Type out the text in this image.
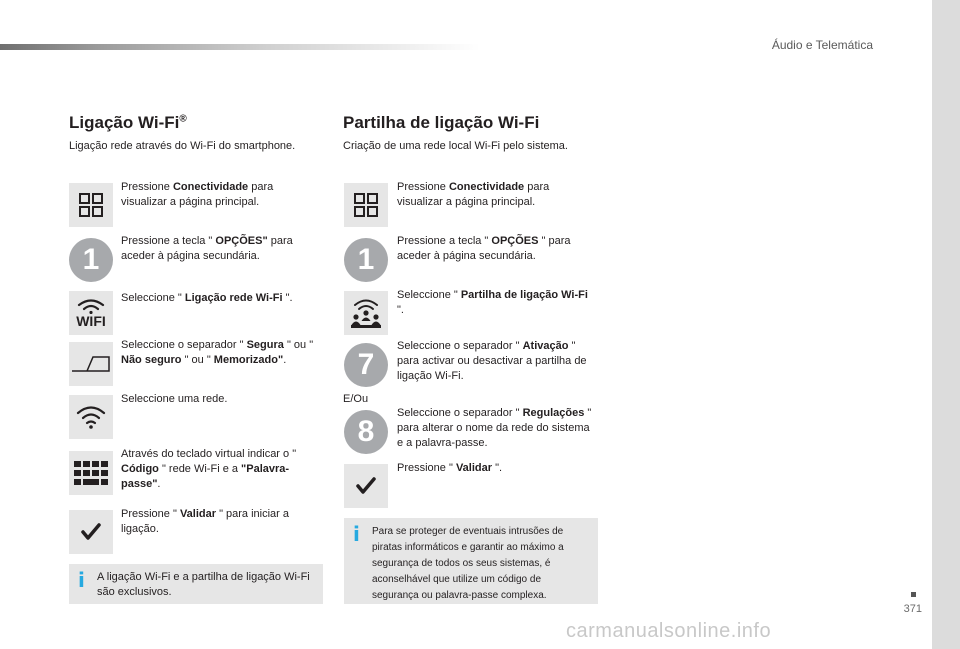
Áudio e Telemática
Ligação Wi-Fi®
Ligação rede através do Wi-Fi do smartphone.
Pressione Conectividade para visualizar a página principal.
1
Pressione a tecla " OPÇÕES" para aceder à página secundária.
WIFI
Seleccione " Ligação rede Wi-Fi ".
Seleccione o separador " Segura " ou " Não seguro " ou " Memorizado".
Seleccione uma rede.
Através do teclado virtual indicar o " Código " rede Wi-Fi e a "Palavra-passe".
Pressione " Validar " para iniciar a ligação.
i A ligação Wi-Fi e a partilha de ligação Wi-Fi são exclusivos.
Partilha de ligação Wi-Fi
Criação de uma rede local Wi-Fi pelo sistema.
Pressione Conectividade para visualizar a página principal.
1
Pressione a tecla " OPÇÕES " para aceder à página secundária.
Seleccione " Partilha de ligação Wi-Fi ".
7
Seleccione o separador " Ativação " para activar ou desactivar a partilha de ligação Wi-Fi.
E/Ou
8
Seleccione o separador " Regulações " para alterar o nome da rede do sistema e a palavra-passe.
Pressione " Validar ".
i Para se proteger de eventuais intrusões de piratas informáticos e garantir ao máximo a segurança de todos os seus sistemas, é aconselhável que utilize um código de segurança ou palavra-passe complexa.
371
carmanualsonline.info
